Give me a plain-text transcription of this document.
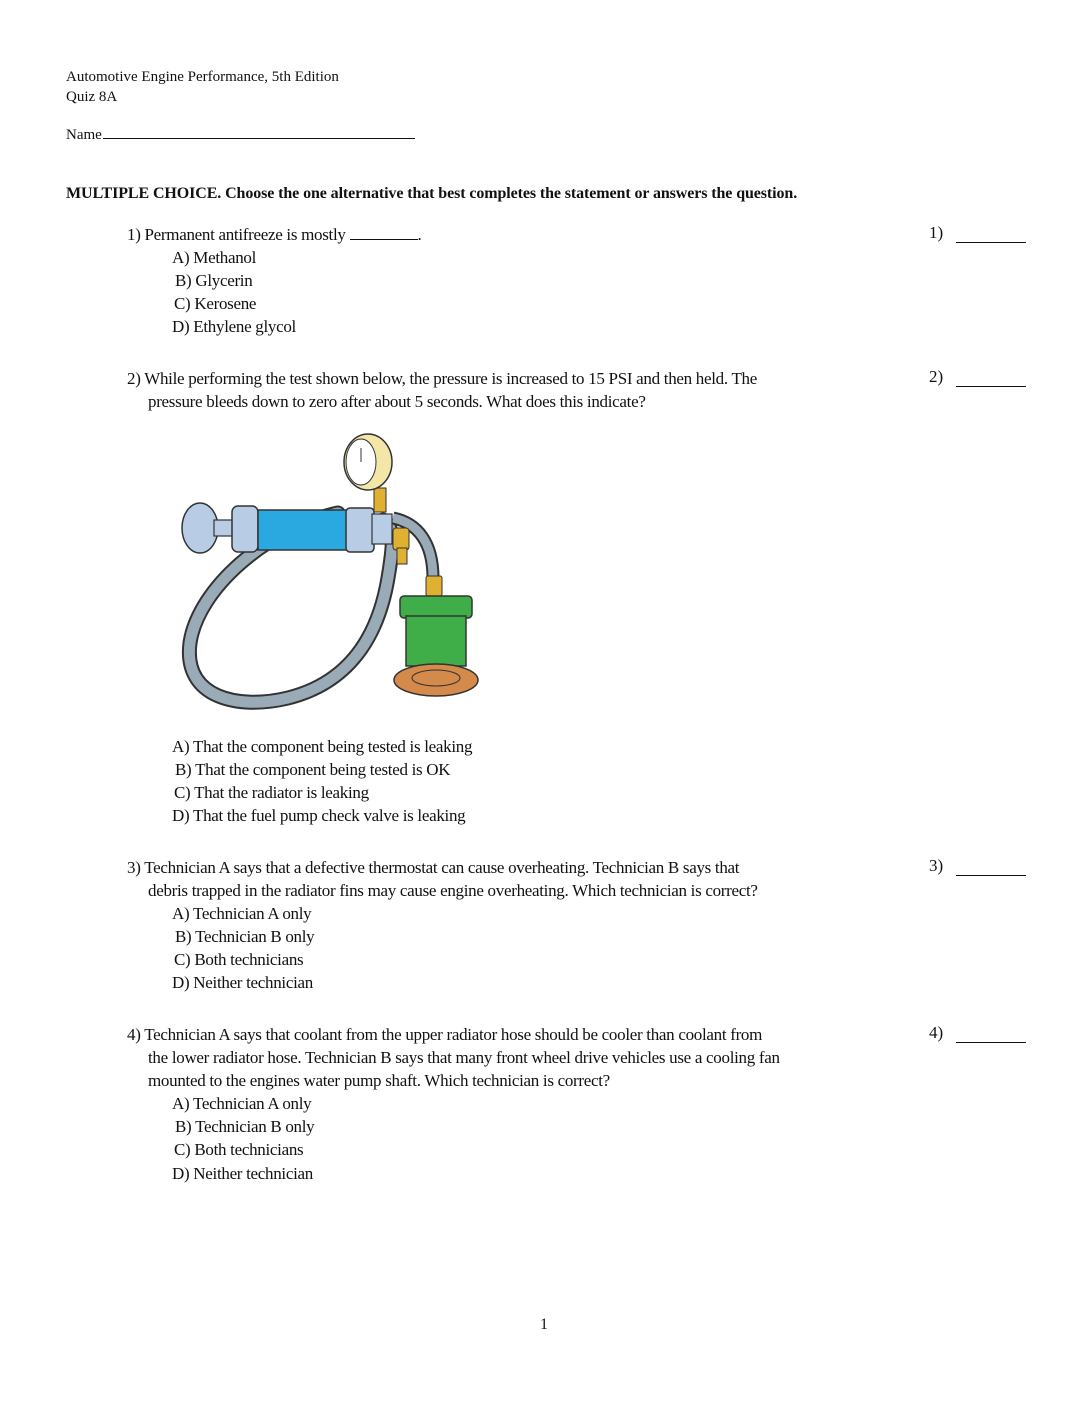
Automotive Engine Performance, 5th Edition
Quiz 8A
Name
MULTIPLE CHOICE. Choose the one alternative that best completes the statement or answers the question.
1) Permanent antifreeze is mostly	.	1)
A) Methanol
B) Glycerin
C) Kerosene
D) Ethylene glycol
2) While performing the test shown below, the pressure is increased to 15 PSI and then held. The
pressure bleeds down to zero after about 5 seconds. What does this indicate?
2)
A) That the component being tested is leaking
B) That the component being tested is OK
C) That the radiator is leaking
D) That the fuel pump check valve is leaking
3) Technician A says that a defective thermostat can cause overheating. Technician B says that
debris trapped in the radiator fins may cause engine overheating. Which technician is correct?
3)
A) Technician A only
B) Technician B only
C) Both technicians
D) Neither technician
4) Technician A says that coolant from the upper radiator hose should be cooler than coolant from
the lower radiator hose. Technician B says that many front wheel drive vehicles use a cooling fan
mounted to the engines water pump shaft. Which technician is correct?
4)
A) Technician A only
B) Technician B only
C) Both technicians
D) Neither technician
1
